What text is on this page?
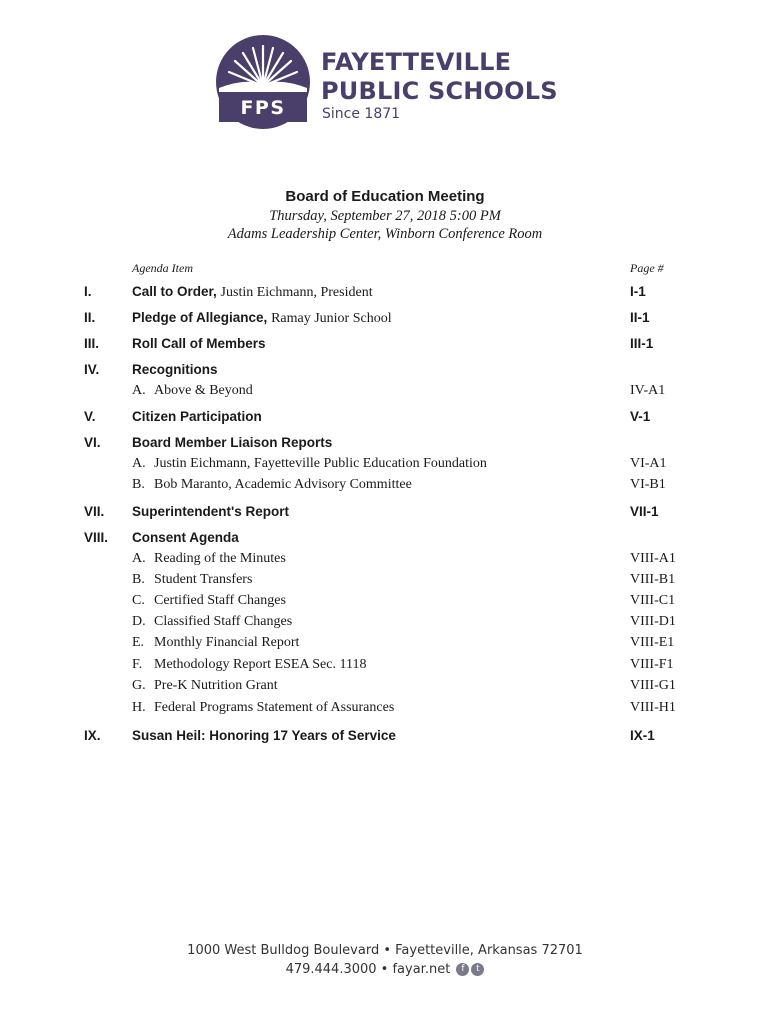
FPS
FAYETTEVILLE
PUBLIC SCHOOLS
Since 1871
Board of Education Meeting
Thursday, September 27, 2018 5:00 PM
Adams Leadership Center, Winborn Conference Room
Agenda Item	Page #
I.	Call to Order, Justin Eichmann, President	I-1
II.	Pledge of Allegiance, Ramay Junior School	II-1
III. Roll Call of Members	III-1
IV. Recognitions
A. Above & Beyond	IV-A1
V.	Citizen Participation	V-1
VI. Board Member Liaison Reports
A. Justin Eichmann, Fayetteville Public Education Foundation	VI-A1
B. Bob Maranto, Academic Advisory Committee	VI-B1
VII. Superintendent's Report	VII-1
VIII. Consent Agenda
A. Reading of the Minutes	VIII-A1
B. Student Transfers	VIII-B1
C. Certified Staff Changes	VIII-C1
D. Classified Staff Changes	VIII-D1
E. Monthly Financial Report	VIII-E1
F. Methodology Report ESEA Sec. 1118	VIII-F1
G. Pre-K Nutrition Grant	VIII-G1
H. Federal Programs Statement of Assurances	VIII-H1
IX. Susan Heil: Honoring 17 Years of Service	IX-1
1000 West Bulldog Boulevard • Fayetteville, Arkansas 72701
479.444.3000 • fayar.net f t
